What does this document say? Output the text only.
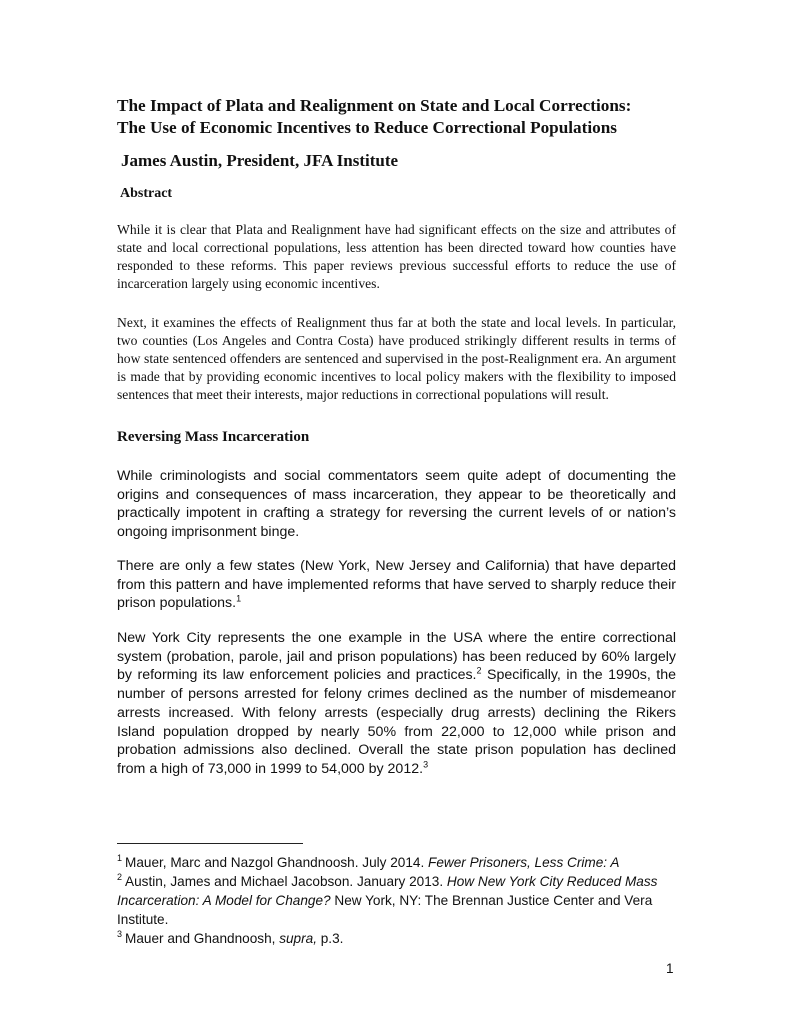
The Impact of Plata and Realignment on State and Local Corrections:
The Use of Economic Incentives to Reduce Correctional Populations
James Austin, President, JFA Institute
Abstract

While it is clear that Plata and Realignment have had significant effects on the size and attributes of state and local correctional populations, less attention has been directed toward how counties have responded to these reforms. This paper reviews previous successful efforts to reduce the use of incarceration largely using economic incentives.

Next, it examines the effects of Realignment thus far at both the state and local levels. In particular, two counties (Los Angeles and Contra Costa) have produced strikingly different results in terms of how state sentenced offenders are sentenced and supervised in the post-Realignment era. An argument is made that by providing economic incentives to local policy makers with the flexibility to imposed sentences that meet their interests, major reductions in correctional populations will result.

Reversing Mass Incarceration

While criminologists and social commentators seem quite adept of documenting the origins and consequences of mass incarceration, they appear to be theoretically and practically impotent in crafting a strategy for reversing the current levels of or nation’s ongoing imprisonment binge.

There are only a few states (New York, New Jersey and California) that have departed from this pattern and have implemented reforms that have served to sharply reduce their prison populations.$^1$

New York City represents the one example in the USA where the entire correctional system (probation, parole, jail and prison populations) has been reduced by 60% largely by reforming its law enforcement policies and practices.$^2$ Specifically, in the 1990s, the number of persons arrested for felony crimes declined as the number of misdemeanor arrests increased. With felony arrests (especially drug arrests) declining the Rikers Island population dropped by nearly 50% from 22,000 to 12,000 while prison and probation admissions also declined. Overall the state prison population has declined from a high of 73,000 in 1999 to 54,000 by 2012.$^3$

$^1$ Mauer, Marc and Nazgol Ghandnoosh. July 2014. Fewer Prisoners, Less Crime: A
$^2$ Austin, James and Michael Jacobson. January 2013. How New York City Reduced Mass Incarceration: A Model for Change? New York, NY: The Brennan Justice Center and Vera Institute.
$^3$ Mauer and Ghandnoosh, supra, p.3.
1
